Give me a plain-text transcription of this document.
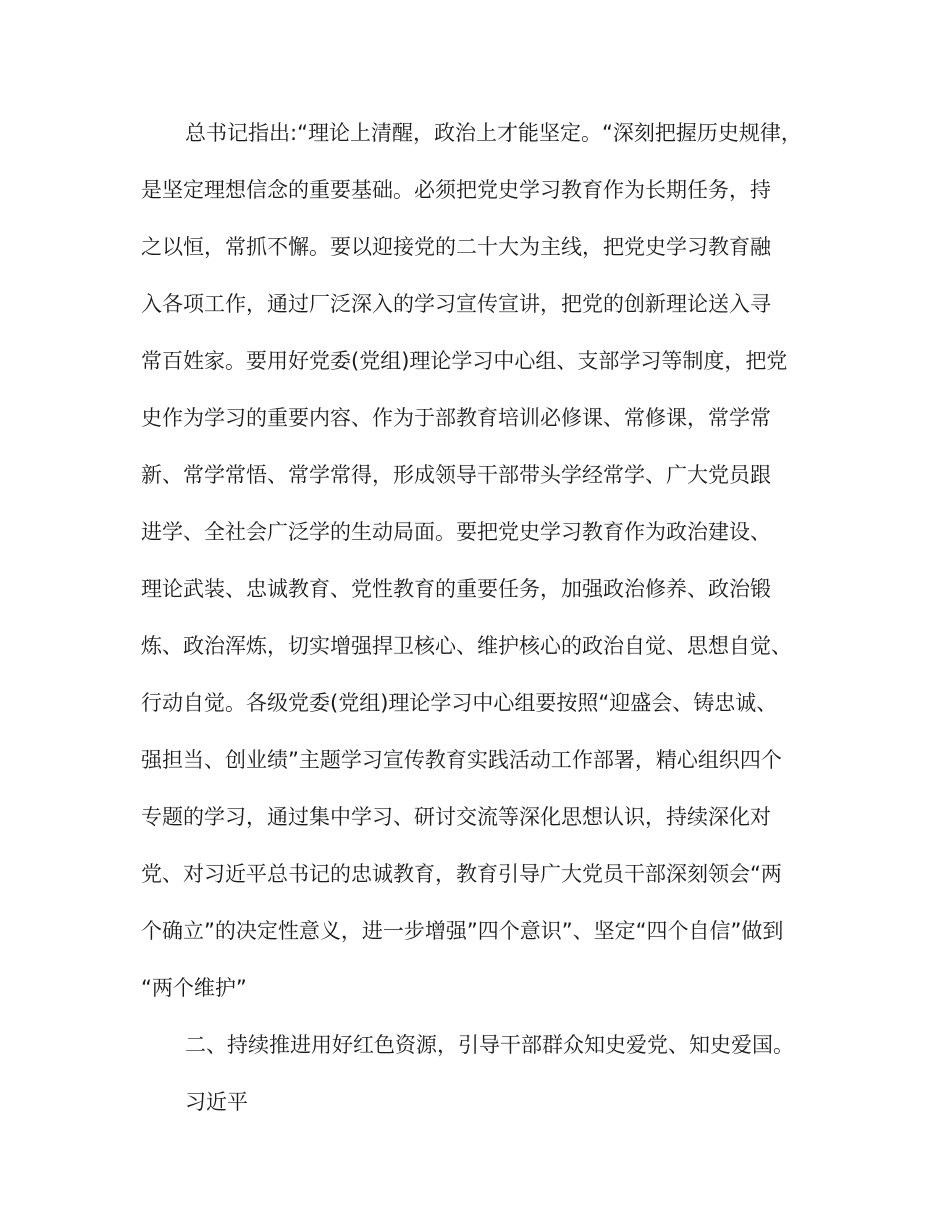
总书记指出:“理论上清醒，政治上才能坚定。“深刻把握历史规律，

是坚定理想信念的重要基础。必须把党史学习教育作为长期任务，持

之以恒，常抓不懈。要以迎接党的二十大为主线，把党史学习教育融

入各项工作，通过厂泛深入的学习宣传宣讲，把党的创新理论送入寻

常百姓家。要用好党委(党组)理论学习中心组、支部学习等制度，把党

史作为学习的重要内容、作为于部教育培训必修课、常修课，常学常

新、常学常悟、常学常得，形成领导干部带头学经常学、广大党员跟

进学、全社会广泛学的生动局面。要把党史学习教育作为政治建设、

理论武装、忠诚教育、党性教育的重要任务，加强政治修养、政治锻

炼、政治浑炼，切实增强捍卫核心、维护核心的政治自觉、思想自觉、

行动自觉。各级党委(党组)理论学习中心组要按照“迎盛会、铸忠诚、

强担当、创业绩”主题学习宣传教育实践活动工作部署，精心组织四个

专题的学习，通过集中学习、研讨交流等深化思想认识，持续深化对

党、对习近平总书记的忠诚教育，教育引导广大党员干部深刻领会“两

个确立”的决定性意义，进一步增强”四个意识”、坚定“四个自信”做到

“两个维护”

二、持续推进用好红色资源，引导干部群众知史爱党、知史爱国。

习近平
